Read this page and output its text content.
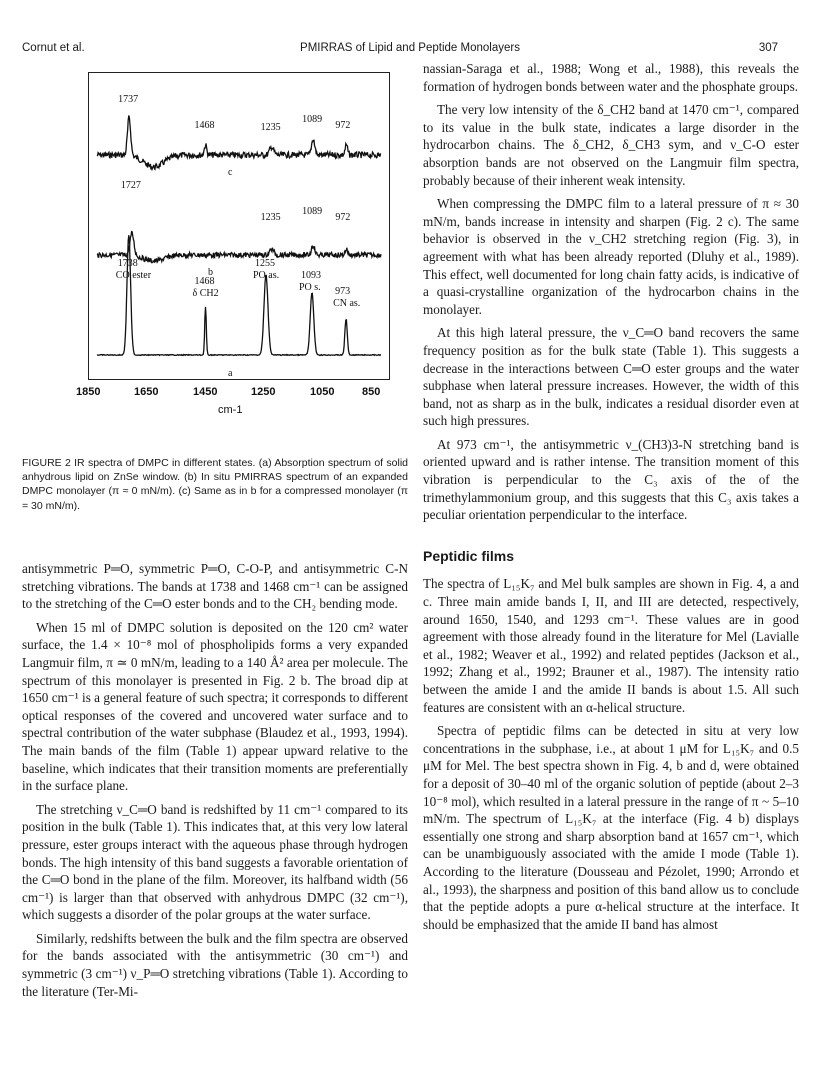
Cornut et al.	PMIRRAS of Lipid and Peptide Monolayers	307
1737
1468	1235
1089
972
c
1727
1235
1089
972
b
1738
CO ester
1468
δ CH2
1255
PO as. 1093
PO s. 973
CN as.
a
1850	1650	1450	1250	1050	850
cm-1
FIGURE 2 IR spectra of DMPC in different states. (a) Absorption spectrum of solid anhydrous lipid on ZnSe window. (b) In situ PMIRRAS spectrum of an expanded DMPC monolayer (π ≈ 0 mN/m). (c) Same as in b for a compressed monolayer (π = 30 mN/m).

antisymmetric P═O, symmetric P═O, C-O-P, and antisymmetric C-N stretching vibrations. The bands at 1738 and 1468 cm⁻¹ can be assigned to the stretching of the C═O ester bonds and to the CH₂ bending mode.

When 15 ml of DMPC solution is deposited on the 120 cm² water surface, the 1.4 × 10⁻⁸ mol of phospholipids forms a very expanded Langmuir film, π ≃ 0 mN/m, leading to a 140 Å² area per molecule. The spectrum of this monolayer is presented in Fig. 2 b. The broad dip at 1650 cm⁻¹ is a general feature of such spectra; it corresponds to different optical responses of the covered and uncovered water surface and to spectral contribution of the water subphase (Blaudez et al., 1993, 1994). The main bands of the film (Table 1) appear upward relative to the baseline, which indicates that their transition moments are preferentially in the surface plane.

The stretching ν_C═O band is redshifted by 11 cm⁻¹ compared to its position in the bulk (Table 1). This indicates that, at this very low lateral pressure, ester groups interact with the aqueous phase through hydrogen bonds. The high intensity of this band suggests a favorable orientation of the C═O bond in the plane of the film. Moreover, its halfband width (56 cm⁻¹) is larger than that observed with anhydrous DMPC (32 cm⁻¹), which suggests a disorder of the polar groups at the water surface.

Similarly, redshifts between the bulk and the film spectra are observed for the bands associated with the antisymmetric (30 cm⁻¹) and symmetric (3 cm⁻¹) ν_P═O stretching vibrations (Table 1). According to the literature (Ter-Mi-

nassian-Saraga et al., 1988; Wong et al., 1988), this reveals the formation of hydrogen bonds between water and the phosphate groups.

The very low intensity of the δ_CH2 band at 1470 cm⁻¹, compared to its value in the bulk state, indicates a large disorder in the hydrocarbon chains. The δ_CH2, δ_CH3 sym, and ν_C-O ester absorption bands are not observed on the Langmuir film spectra, probably because of their inherent weak intensity.

When compressing the DMPC film to a lateral pressure of π ≈ 30 mN/m, bands increase in intensity and sharpen (Fig. 2 c). The same behavior is observed in the ν_CH2 stretching region (Fig. 3), in agreement with what has been already reported (Dluhy et al., 1989). This effect, well documented for long chain fatty acids, is indicative of a quasi-crystalline organization of the hydrocarbon chains in the monolayer.

At this high lateral pressure, the ν_C═O band recovers the same frequency position as for the bulk state (Table 1). This suggests a decrease in the interactions between C═O ester groups and the water subphase when lateral pressure increases. However, the width of this band, not as sharp as in the bulk, indicates a residual disorder even at such high pressures.

At 973 cm⁻¹, the antisymmetric ν_(CH3)3-N stretching band is oriented upward and is rather intense. The transition moment of this vibration is perpendicular to the C₃ axis of the of the trimethylammonium group, and this suggests that this C₃ axis takes a peculiar orientation perpendicular to the interface.

Peptidic films

The spectra of L₁₅K₇ and Mel bulk samples are shown in Fig. 4, a and c. Three main amide bands I, II, and III are detected, respectively, around 1650, 1540, and 1293 cm⁻¹. These values are in good agreement with those already found in the literature for Mel (Lavialle et al., 1982; Weaver et al., 1992) and related peptides (Jackson et al., 1992; Zhang et al., 1992; Brauner et al., 1987). The intensity ratio between the amide I and the amide II bands is about 1.5. All such features are consistent with an α-helical structure.

Spectra of peptidic films can be detected in situ at very low concentrations in the subphase, i.e., at about 1 μM for L₁₅K₇ and 0.5 μM for Mel. The best spectra shown in Fig. 4, b and d, were obtained for a deposit of 30–40 ml of the organic solution of peptide (about 2–3 10⁻⁸ mol), which resulted in a lateral pressure in the range of π ~ 5–10 mN/m. The spectrum of L₁₅K₇ at the interface (Fig. 4 b) displays essentially one strong and sharp absorption band at 1657 cm⁻¹, which can be unambiguously associated with the amide I mode (Table 1). According to the literature (Dousseau and Pézolet, 1990; Arrondo et al., 1993), the sharpness and position of this band allow us to conclude that the peptide adopts a pure α-helical structure at the interface. It should be emphasized that the amide II band has almost
